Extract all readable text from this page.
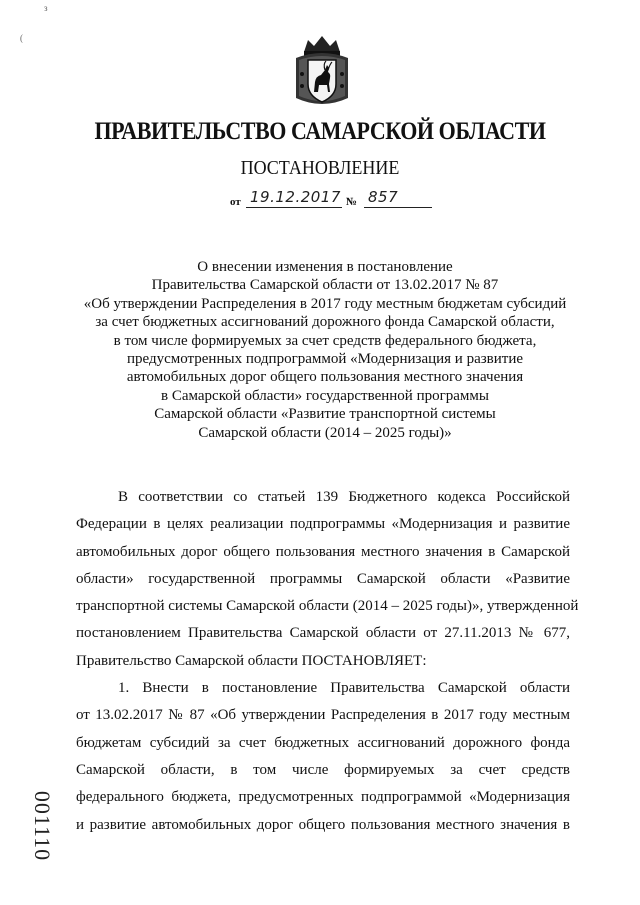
з
(
ПРАВИТЕЛЬСТВО САМАРСКОЙ ОБЛАСТИ
ПОСТАНОВЛЕНИЕ
от 19.12.2017 № 857
О внесении изменения в постановление
Правительства Самарской области от 13.02.2017 № 87
«Об утверждении Распределения в 2017 году местным бюджетам субсидий
за счет бюджетных ассигнований дорожного фонда Самарской области,
в том числе формируемых за счет средств федерального бюджета,
предусмотренных подпрограммой «Модернизация и развитие
автомобильных дорог общего пользования местного значения
в Самарской области» государственной программы
Самарской области «Развитие транспортной системы
Самарской области (2014 – 2025 годы)»
В соответствии со статьей 139 Бюджетного кодекса Российской
Федерации в целях реализации подпрограммы «Модернизация и развитие
автомобильных дорог общего пользования местного значения в Самарской
области» государственной программы Самарской области «Развитие
транспортной системы Самарской области (2014 – 2025 годы)», утвержденной
постановлением Правительства Самарской области от 27.11.2013 № 677,
Правительство Самарской области ПОСТАНОВЛЯЕТ:
1. Внести в постановление Правительства Самарской области
от 13.02.2017 № 87 «Об утверждении Распределения в 2017 году местным
бюджетам субсидий за счет бюджетных ассигнований дорожного фонда
Самарской области, в том числе формируемых за счет средств
федерального бюджета, предусмотренных подпрограммой «Модернизация
и развитие автомобильных дорог общего пользования местного значения в
001110
